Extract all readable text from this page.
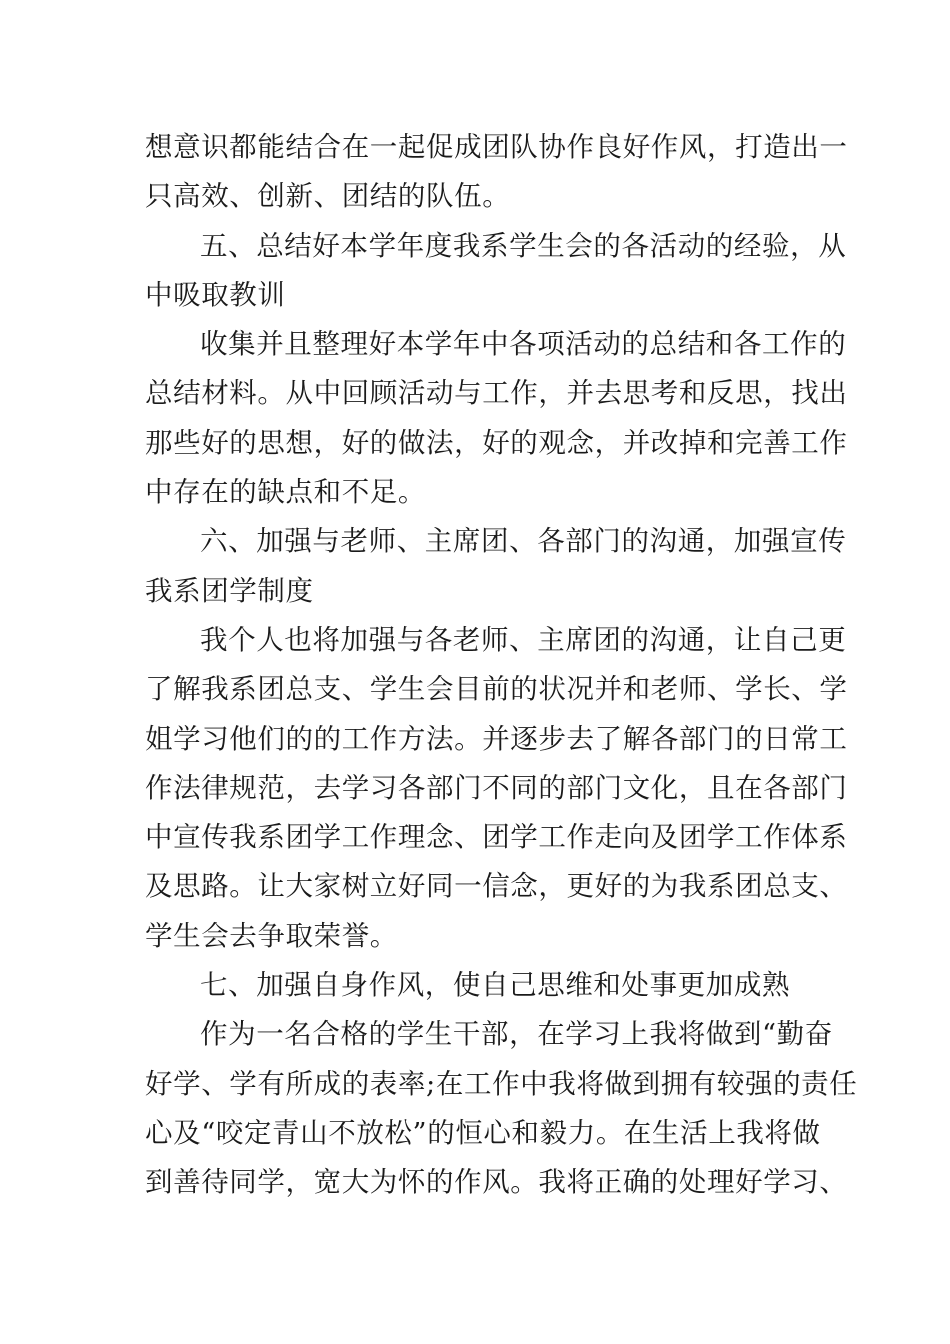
想意识都能结合在一起促成团队协作良好作风，打造出一
只高效、创新、团结的队伍。
五、总结好本学年度我系学生会的各活动的经验，从
中吸取教训
收集并且整理好本学年中各项活动的总结和各工作的
总结材料。从中回顾活动与工作，并去思考和反思，找出
那些好的思想，好的做法，好的观念，并改掉和完善工作
中存在的缺点和不足。
六、加强与老师、主席团、各部门的沟通，加强宣传
我系团学制度
我个人也将加强与各老师、主席团的沟通，让自己更
了解我系团总支、学生会目前的状况并和老师、学长、学
姐学习他们的的工作方法。并逐步去了解各部门的日常工
作法律规范，去学习各部门不同的部门文化，且在各部门
中宣传我系团学工作理念、团学工作走向及团学工作体系
及思路。让大家树立好同一信念，更好的为我系团总支、
学生会去争取荣誉。
七、加强自身作风，使自己思维和处事更加成熟
作为一名合格的学生干部，在学习上我将做到“勤奋
好学、学有所成的表率;在工作中我将做到拥有较强的责任
心及“咬定青山不放松”的恒心和毅力。在生活上我将做
到善待同学，宽大为怀的作风。我将正确的处理好学习、
